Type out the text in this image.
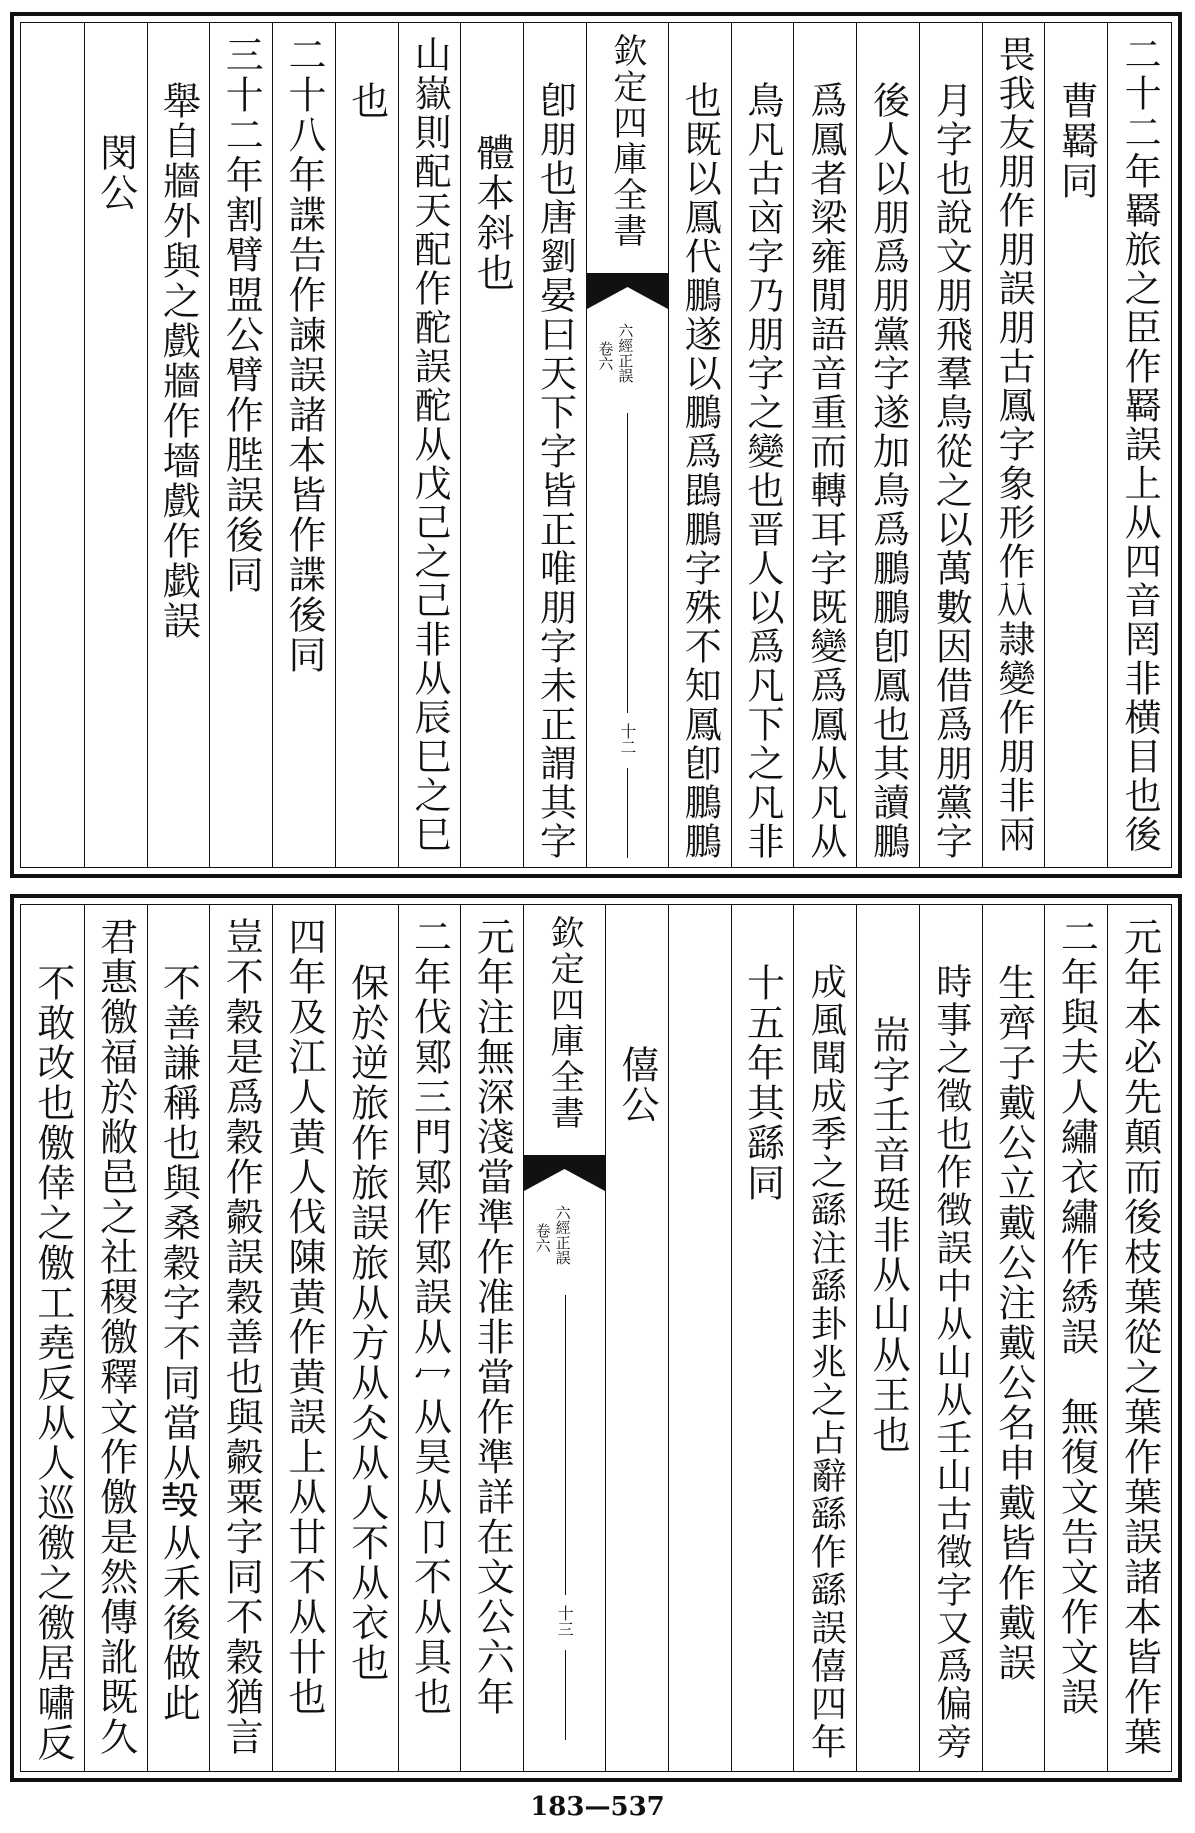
二十二年羇旅之臣作羇誤上从四音罔非横目也後
曹羇同
畏我友朋作朋誤朋古鳳字象形作𠓜隷變作朋非兩
月字也說文朋飛羣鳥從之以萬數因借爲朋黨字
後人以朋爲朋黨字遂加鳥爲鵬鵬卽鳳也其讀鵬
爲鳳者梁雍閒語音重而轉耳字既變爲鳳从凡从
鳥凡古㐫字乃朋字之變也晋人以爲凡下之凡非
也既以鳳代鵬遂以鵬爲鵾鵬字殊不知鳳卽鵬鵬
欽定四庫全書
六經正誤
卷六
十二
卽朋也唐劉晏曰天下字皆正唯朋字未正謂其字
體本斜也
山嶽則配天配作酡誤酡从戊己之己非从辰巳之巳
也
二十八年諜告作諫誤諸本皆作諜後同
三十二年割臂盟公臂作䏶誤後同
舉自牆外與之戲牆作墻戲作戯誤
閔公
元年本必先顛而後枝葉從之葉作葉誤諸本皆作葉
二年與夫人繡衣繡作綉誤　無復文告文作文誤
生齊子戴公立戴公注戴公名申戴皆作戴誤
時事之徵也作徴誤中从山从壬山古徵字又爲偏旁
耑字壬音珽非从山从王也
成風聞成季之繇注繇卦兆之占辭繇作繇誤僖四年
十五年其繇同
僖公
欽定四庫全書
六經正誤
卷六
十三
元年注無深淺當準作准非當作準詳在文公六年
二年伐鄍三門鄍作鄍誤从冖从昊从卩不从具也
保於逆旅作旅誤旅从方从仌从人不从衣也
四年及江人黄人伐陳黄作黄誤上从廿不从卄也
豈不穀是爲穀作㲉誤穀善也與㲉粟字同不穀猶言
不善謙稱也與桑穀字不同當从𣪊从禾後做此
君惠徼福於敝邑之社稷徼釋文作儌是然傳訛既久
不敢改也儌倖之儌工堯反从人巡徼之徼居嘯反
183—537
